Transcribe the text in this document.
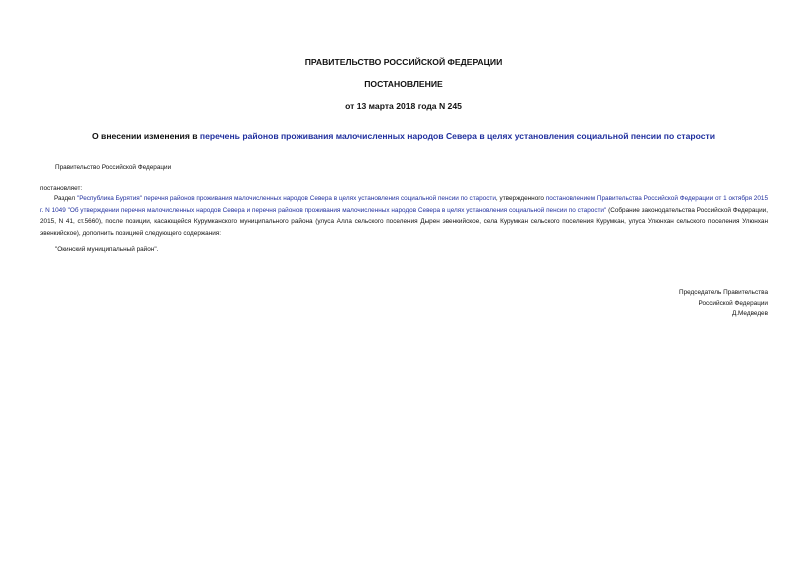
ПРАВИТЕЛЬСТВО РОССИЙСКОЙ ФЕДЕРАЦИИ
ПОСТАНОВЛЕНИЕ
от 13 марта 2018 года N 245
О внесении изменения в перечень районов проживания малочисленных народов Севера в целях установления социальной пенсии по старости
Правительство Российской Федерации
постановляет:
Раздел "Республика Бурятия" перечня районов проживания малочисленных народов Севера в целях установления социальной пенсии по старости, утвержденного постановлением Правительства Российской Федерации от 1 октября 2015 г. N 1049 "Об утверждении перечня малочисленных народов Севера и перечня районов проживания малочисленных народов Севера в целях установления социальной пенсии по старости" (Собрание законодательства Российской Федерации, 2015, N 41, ст.5660), после позиции, касающейся Курумканского муниципального района (улуса Алла сельского поселения Дырен эвенкийское, села Курумкан сельского поселения Курумкан, улуса Улюнхан сельского поселения Улюнхан эвенкийское), дополнить позицией следующего содержания:
"Окинский муниципальный район".
Председатель Правительства
Российской Федерации
Д.Медведев
